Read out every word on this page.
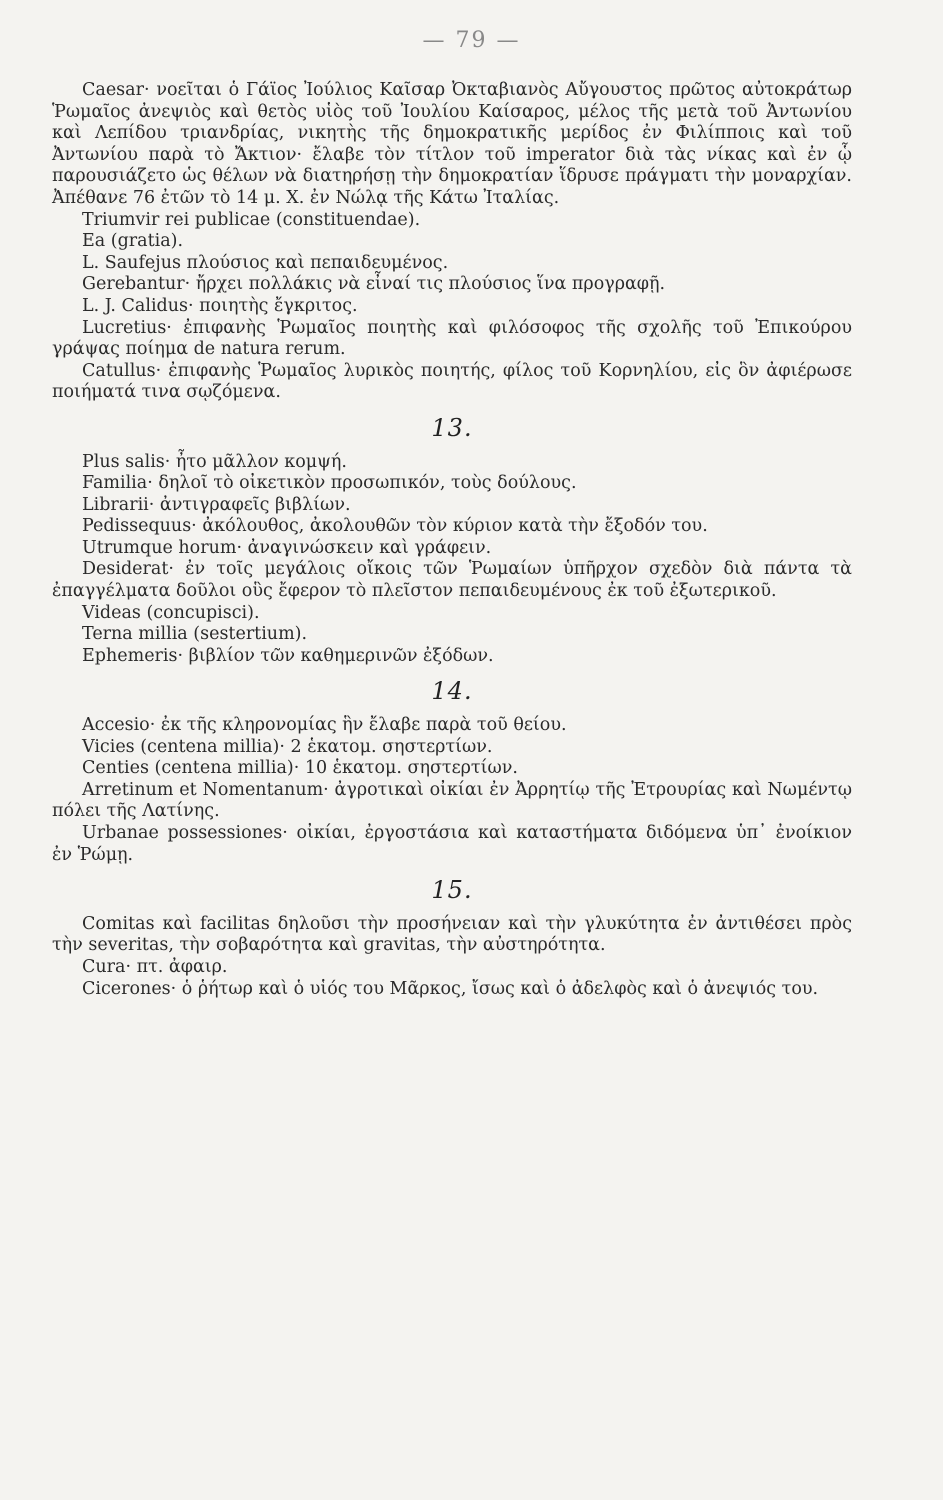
— 79 —

Caesar· νοεῖται ὁ Γάϊος Ἰούλιος Καῖσαρ Ὀκταβιανὸς Αὔγουστος πρῶτος αὐτοκράτωρ Ῥωμαῖος ἀνεψιὸς καὶ θετὸς υἱὸς τοῦ Ἰουλίου Καίσαρος, μέλος τῆς μετὰ τοῦ Ἀντωνίου καὶ Λεπίδου τριανδρίας, νικητὴς τῆς δημοκρατικῆς μερίδος ἐν Φιλίπποις καὶ τοῦ Ἀντωνίου παρὰ τὸ Ἄκτιον· ἔλαβε τὸν τίτλον τοῦ imperator διὰ τὰς νίκας καὶ ἐν ᾧ παρουσιάζετο ὡς θέλων νὰ διατηρήσῃ τὴν δημοκρατίαν ἵδρυσε πράγματι τὴν μοναρχίαν. Ἀπέθανε 76 ἐτῶν τὸ 14 μ. Χ. ἐν Νώλᾳ τῆς Κάτω Ἰταλίας.

Triumvir rei publicae (constituendae).

Ea (gratia).

L. Saufejus πλούσιος καὶ πεπαιδευμένος.

Gerebantur· ἤρχει πολλάκις νὰ εἶναί τις πλούσιος ἵνα προγραφῇ.

L. J. Calidus· ποιητὴς ἔγκριτος.

Lucretius· ἐπιφανὴς Ῥωμαῖος ποιητὴς καὶ φιλόσοφος τῆς σχολῆς τοῦ Ἐπικούρου γράψας ποίημα de natura rerum.

Catullus· ἐπιφανὴς Ῥωμαῖος λυρικὸς ποιητής, φίλος τοῦ Κορνηλίου, εἰς ὃν ἀφιέρωσε ποιήματά τινα σῳζόμενα.

13.

Plus salis· ἦτο μᾶλλον κομψή.

Familia· δηλοῖ τὸ οἰκετικὸν προσωπικόν, τοὺς δούλους.

Librarii· ἀντιγραφεῖς βιβλίων.

Pedissequus· ἀκόλουθος, ἀκολουθῶν τὸν κύριον κατὰ τὴν ἔξοδόν του.

Utrumque horum· ἀναγινώσκειν καὶ γράφειν.

Desiderat· ἐν τοῖς μεγάλοις οἴκοις τῶν Ῥωμαίων ὑπῆρχον σχεδὸν διὰ πάντα τὰ ἐπαγγέλματα δοῦλοι οὓς ἔφερον τὸ πλεῖστον πεπαιδευμένους ἐκ τοῦ ἐξωτερικοῦ.

Videas (concupisci).

Terna millia (sestertium).

Ephemeris· βιβλίον τῶν καθημερινῶν ἐξόδων.

14.

Accesio· ἐκ τῆς κληρονομίας ἣν ἔλαβε παρὰ τοῦ θείου.

Vicies (centena millia)· 2 ἑκατομ. σηστερτίων.

Centies (centena millia)· 10 ἑκατομ. σηστερτίων.

Arretinum et Nomentanum· ἀγροτικαὶ οἰκίαι ἐν Ἀρρητίῳ τῆς Ἐτρουρίας καὶ Νωμέντῳ πόλει τῆς Λατίνης.

Urbanae possessiones· οἰκίαι, ἐργοστάσια καὶ καταστήματα διδόμενα ὑπ᾽ ἐνοίκιον ἐν Ῥώμῃ.

15.

Comitas καὶ facilitas δηλοῦσι τὴν προσήνειαν καὶ τὴν γλυκύτητα ἐν ἀντιθέσει πρὸς τὴν severitas, τὴν σοβαρότητα καὶ gravitas, τὴν αὐστηρότητα.

Cura· πτ. ἀφαιρ.

Cicerones· ὁ ῥήτωρ καὶ ὁ υἱός του Μᾶρκος, ἴσως καὶ ὁ ἀδελφὸς καὶ ὁ ἀνεψιός του.
